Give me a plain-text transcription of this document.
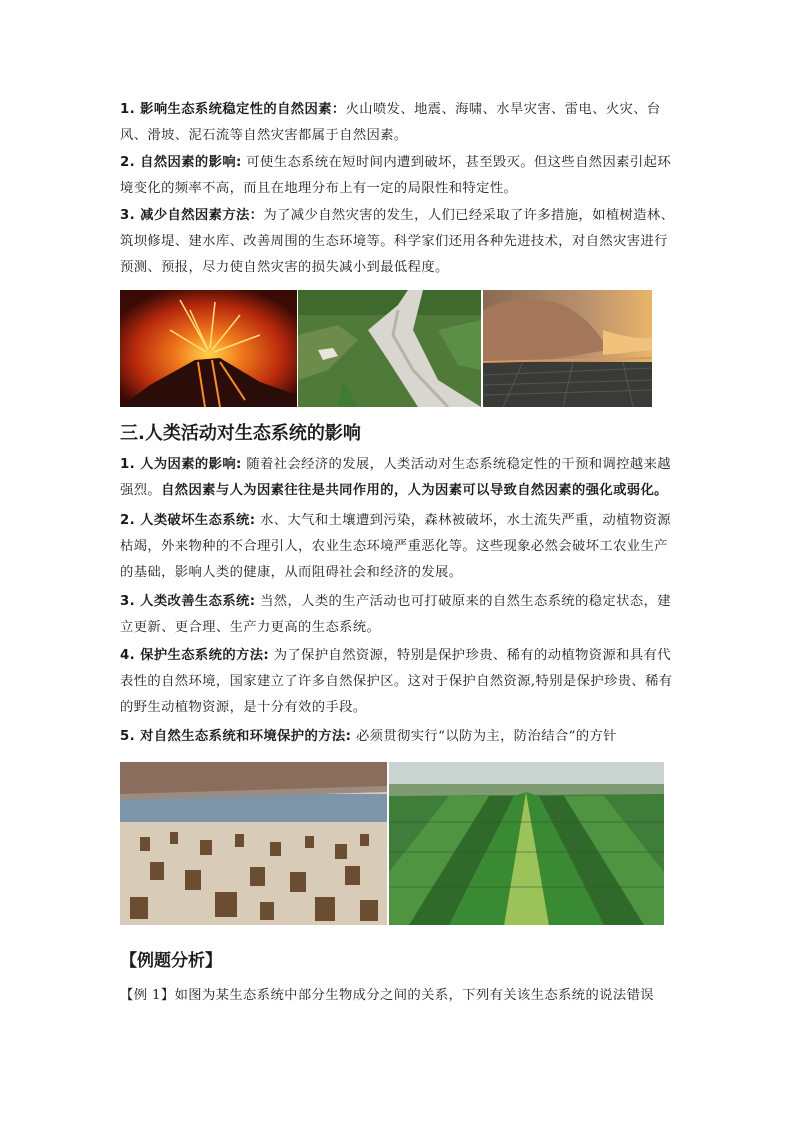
1. 影响生态系统稳定性的自然因素：火山喷发、地震、海啸、水旱灾害、雷电、火灾、台风、滑坡、泥石流等自然灾害都属于自然因素。

2. 自然因素的影响: 可使生态系统在短时间内遭到破坏，甚至毁灭。但这些自然因素引起环境变化的频率不高，而且在地理分布上有一定的局限性和特定性。

3. 减少自然因素方法：为了减少自然灾害的发生，人们已经采取了许多措施，如植树造林、筑坝修堤、建水库、改善周围的生态环境等。科学家们还用各种先进技术，对自然灾害进行预测、预报，尽力使自然灾害的损失减小到最低程度。

三.人类活动对生态系统的影响

1. 人为因素的影响: 随着社会经济的发展，人类活动对生态系统稳定性的干预和调控越来越强烈。自然因素与人为因素往往是共同作用的，人为因素可以导致自然因素的强化或弱化。

2. 人类破坏生态系统: 水、大气和土壤遭到污染，森林被破坏，水土流失严重，动植物资源枯竭，外来物种的不合理引人，农业生态环境严重恶化等。这些现象必然会破坏工农业生产的基础，影响人类的健康，从而阻碍社会和经济的发展。

3. 人类改善生态系统: 当然，人类的生产活动也可打破原来的自然生态系统的稳定状态，建立更新、更合理、生产力更高的生态系统。

4. 保护生态系统的方法: 为了保护自然资源，特别是保护珍贵、稀有的动植物资源和具有代表性的自然环境，国家建立了许多自然保护区。这对于保护自然资源,特别是保护珍贵、稀有的野生动植物资源，是十分有效的手段。

5. 对自然生态系统和环境保护的方法: 必须贯彻实行“以防为主，防治结合”的方针

【例题分析】

【例 1】如图为某生态系统中部分生物成分之间的关系，下列有关该生态系统的说法错误
